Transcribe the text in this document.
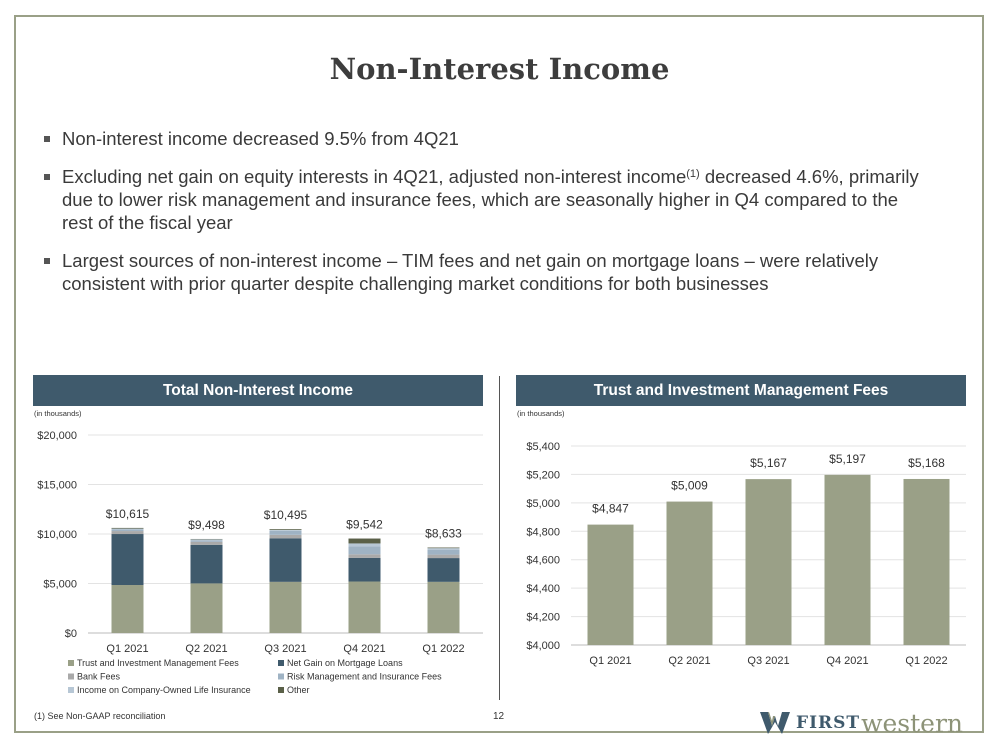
Non-Interest Income
Non-interest income decreased 9.5% from 4Q21
Excluding net gain on equity interests in 4Q21, adjusted non-interest income$^{(1)}$ decreased 4.6%, primarily due to lower risk management and insurance fees, which are seasonally higher in Q4 compared to the rest of the fiscal year
Largest sources of non-interest income – TIM fees and net gain on mortgage loans – were relatively consistent with prior quarter despite challenging market conditions for both businesses
Total Non-Interest Income	Trust and Investment Management Fees
(in thousands)
$0
$5,000
$10,000
$15,000
$20,000
$10,615
Q1 2021
$9,498
Q2 2021
$10,495
Q3 2021
$9,542
Q4 2021
$8,633
Q1 2022
Trust and Investment Management Fees	Net Gain on Mortgage Loans
Bank Fees	Risk Management and Insurance Fees
Income on Company-Owned Life Insurance	Other
(in thousands)
$4,000
$4,200
$4,400
$4,600
$4,800
$5,000
$5,200
$5,400
$4,847
Q1 2021
$5,009
Q2 2021
$5,167
Q3 2021
$5,197
Q4 2021
$5,168
Q1 2022
(1) See Non-GAAP reconciliation	12	FIRST western
